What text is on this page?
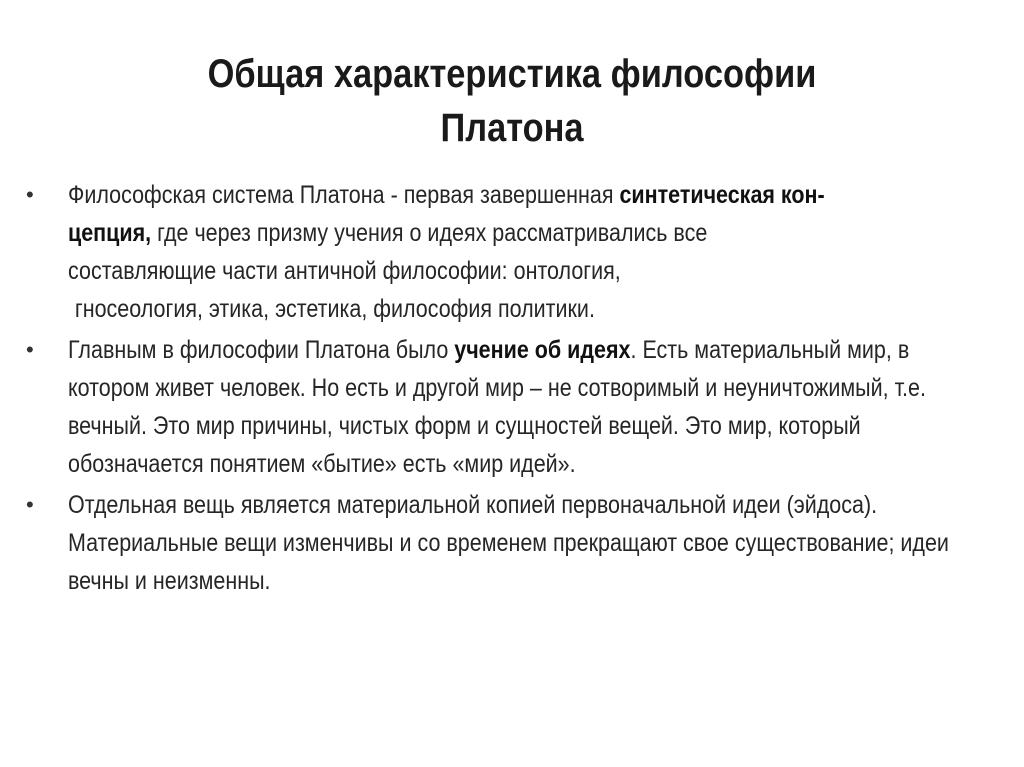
Общая характеристика философии
Платона
• Философская система Платона - первая завершенная синтетическая кон-
цепция, где через призму учения о идеях рассматривались все
составляющие части античной философии: онтология,
гносеология, этика, эстетика, философия политики.
• Главным в философии Платона было учение об идеях. Есть материальный мир, в котором живет человек. Но есть и другой мир – не сотворимый и неуничтожимый, т.е. вечный. Это мир причины, чистых форм и сущностей вещей. Это мир, который обозначается понятием «бытие» есть «мир идей».
• Отдельная вещь является материальной копией первоначальной идеи (эйдоса). Материальные вещи изменчивы и со временем прекращают свое существование; идеи вечны и неизменны.
